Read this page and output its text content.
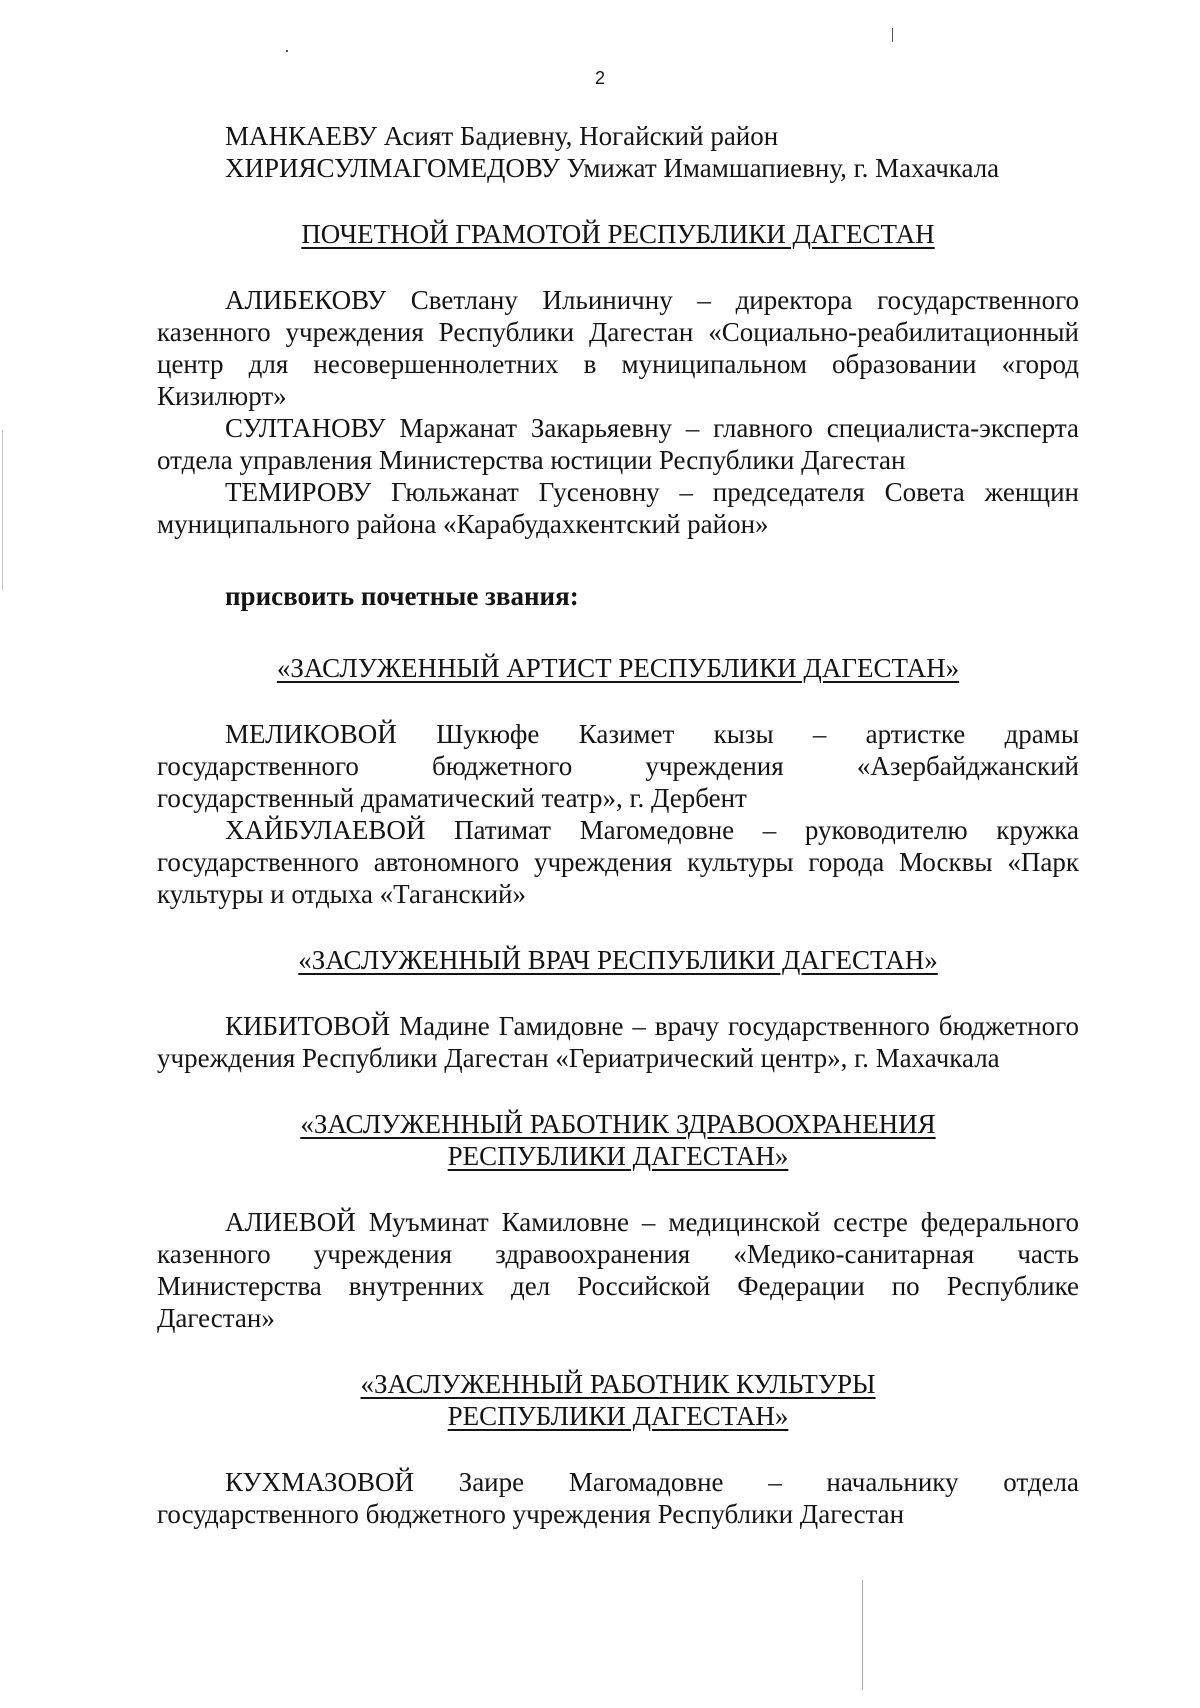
2

МАНКАЕВУ Асият Бадиевну, Ногайский район

ХИРИЯСУЛМАГОМЕДОВУ Умижат Имамшапиевну, г. Махачкала

ПОЧЕТНОЙ ГРАМОТОЙ РЕСПУБЛИКИ ДАГЕСТАН

АЛИБЕКОВУ Светлану Ильиничну – директора государственного казенного учреждения Республики Дагестан «Социально-реабилитационный центр для несовершеннолетних в муниципальном образовании «город Кизилюрт»

СУЛТАНОВУ Маржанат Закарьяевну – главного специалиста-эксперта отдела управления Министерства юстиции Республики Дагестан

ТЕМИРОВУ Гюльжанат Гусеновну – председателя Совета женщин муниципального района «Карабудахкентский район»

присвоить почетные звания:

«ЗАСЛУЖЕННЫЙ АРТИСТ РЕСПУБЛИКИ ДАГЕСТАН»

МЕЛИКОВОЙ Шукюфе Казимет кызы – артистке драмы государственного бюджетного учреждения «Азербайджанский государственный драматический театр», г. Дербент

ХАЙБУЛАЕВОЙ Патимат Магомедовне – руководителю кружка государственного автономного учреждения культуры города Москвы «Парк культуры и отдыха «Таганский»

«ЗАСЛУЖЕННЫЙ ВРАЧ РЕСПУБЛИКИ ДАГЕСТАН»

КИБИТОВОЙ Мадине Гамидовне – врачу государственного бюджетного учреждения Республики Дагестан «Гериатрический центр», г. Махачкала

«ЗАСЛУЖЕННЫЙ РАБОТНИК ЗДРАВООХРАНЕНИЯ

РЕСПУБЛИКИ ДАГЕСТАН»

АЛИЕВОЙ Муъминат Камиловне – медицинской сестре федерального казенного учреждения здравоохранения «Медико-санитарная часть Министерства внутренних дел Российской Федерации по Республике Дагестан»

«ЗАСЛУЖЕННЫЙ РАБОТНИК КУЛЬТУРЫ

РЕСПУБЛИКИ ДАГЕСТАН»

КУХМАЗОВОЙ Заире Магомадовне – начальнику отдела государственного бюджетного учреждения Республики Дагестан
